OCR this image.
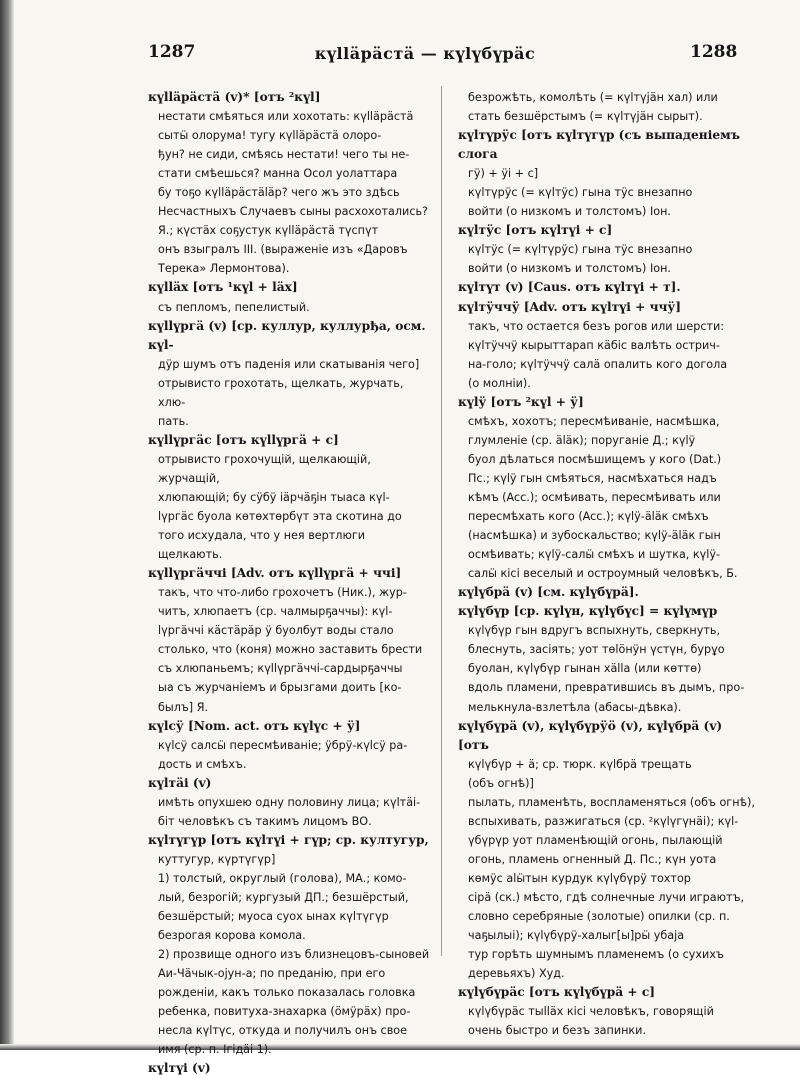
1287	күllӓрӓстӓ — күlүбүрӓс	1288
күllӓрӓстӓ (v)* [отъ ²күl]
нестати смѣяться или хохотать: күllӓрӓстӓ
сытӹ олорума! тугу күllӓрӓстӓ олоро-
ђун? не сиди, смѣясь нестати! чего ты не-
стати смѣешься? манна Осол уолаттара
бу тоҕо күllӓрӓстӓlӓр? чего жъ это здѣсь
Несчастныхъ Случаевъ сыны расхохотались?
Я.; күстӓх соҕустук күllӓрӓстӓ түспүт
онъ взыгралъ III. (выраженіе изъ «Даровъ
Терека» Лермонтова).
күllӓх [отъ ¹күl + lӓх]
съ пепломъ, пепелистый.
күllүргӓ (v) [ср. куллур, куллурђа, осм. күl-
дӱр шумъ отъ паденія или скатыванія чего]
отрывисто грохотать, щелкать, журчать, хлю-
пать.
күllүргӓс [отъ күllүргӓ + с]
отрывисто грохочущій, щелкающій, журчащій,
хлюпающій; бу сӱбӱ іӓрчӓҕін тыаса күl-
lүргӓс буола көтөхтөрбүт эта скотина до
того исхудала, что у нея вертлюги щелкають.
күllүргӓччі [Adv. отъ күllүргӓ + ччі]
такъ, что что-либо грохочетъ (Ник.), жур-
читъ, хлюпаетъ (ср. чалмырҕаччы): күl-
lүргӓччі кӓстӓрӓр ӱ буолбут воды стало
столько, что (коня) можно заставить брести
съ хлюпаньемъ; күllүргӓччі-сардырҕаччы
ыа съ журчаніемъ и брызгами доить [ко-
былъ] Я.
күlсӱ [Nom. act. отъ күlүс + ӱ]
күlсӱ салсӹ пересмѣиваніе; ӱбрӱ-күlсӱ ра-
дость и смѣхъ.
күlтӓі (v)
имѣть опухшею одну половину лица; күlтӓі-
біт человѣкъ съ такимъ лицомъ ВО.
күlтүгүр [отъ күlтүі + гүр; ср. култугур,
куттугур, күртүгүр]
1) толстый, округлый (голова), МА.; комо-
лый, безрогій; кургузый ДП.; безшёрстый,
безшёрстый; муоса суох ынах күlтүгүр
безрогая корова комола.
2) прозвище одного изъ близнецовъ-сыновей
Аи-Чӓчык-оjун-а; по преданію, при его
рожденіи, какъ только показалась головка
ребенка, повитуха-знахарка (ӧмӱрӓх) про-
несла күlтүс, откуда и получилъ онъ свое
имя (ср. п. Ігідӓі 1).
күlтүі (v)
безрожѣть, комолѣть (= күlтүjӓн хал) или
стать безшёрстымъ (= күlтүjӓн сырыт).
күlтүрӱс [отъ күlтүгүр (съ выпаденіемъ слога
гӱ) + ӱі + с]
күlтүрӱс (= күlтӱс) гына тӱс внезапно
войти (о низкомъ и толстомъ) Іон.
күlтӱс [отъ күlтүі + с]
күlтӱс (= күlтүрӱс) гына тӱс внезапно
войти (о низкомъ и толстомъ) Іон.
күlтүт (v) [Caus. отъ күlтүі + т].
күlтӱччӱ [Adv. отъ күlтүі + ччӱ]
такъ, что остается безъ рогов или шерсти:
күlтӱччӱ кырыттарап кӓбіс валѣть острич-
на-голо; күlтӱччӱ салӓ опалить кого догола
(о молніи).
күlӱ [отъ ²күl + ӱ]
смѣхъ, хохотъ; пересмѣиваніе, насмѣшка,
глумленіе (ср. ӓlӓк); поруганіе Д.; күlӱ
буол дѣлаться посмѣшищемъ у кого (Dat.)
Пс.; күlӱ гын смѣяться, насмѣхаться надъ
кѣмъ (Acc.); осмѣивать, пересмѣивать или
пересмѣхать кого (Acc.); күlӱ-ӓlӓк смѣхъ
(насмѣшка) и зубоскальство; күlӱ-ӓlӓк гын
осмѣивать; күlӱ-салӹ смѣхъ и шутка, күlӱ-
салӹ кісі веселый и остроумный человѣкъ, Б.
күlүбрӓ (v) [см. күlүбүрӓ].
күlүбүр [ср. күlүн, күlүбүс] = күlүмүр
күlүбүр гын вдругъ вспыхнуть, сверкнуть,
блеснуть, засіять; уот төlӧнӱн үстүн, бурұо
буолан, күlүбүр гынан хӓllа (или көттө)
вдоль пламени, превратившись въ дымъ, про-
мелькнула-взлетѣла (абасы-дѣвка).
күlүбүрӓ (v), күlүбүрӱӧ (v), күlүбрӓ (v) [отъ
күlүбүр + ӓ; ср. тюрк. күlбрӓ трещать
(объ огнѣ)]
пылать, пламенѣть, воспламеняться (объ огнѣ),
вспыхивать, разжигаться (ср. ²күlүгүнӓі); күl-
үбүрүр уот пламенѣющій огонь, пылающій
огонь, пламень огненный Д. Пс.; күн уота
көмӱс аlӹтын курдук күlүбүрӱ тохтор
сірӓ (ск.) мѣсто, гдѣ солнечные лучи играютъ,
словно серебряные (золотые) опилки (ср. п.
чаҕылыі); күlүбүрӱ-халыг[ы]рӹ убаја
тур горѣть шумнымъ пламенемъ (о сухихъ
деревьяхъ) Худ.
күlүбүрӓс [отъ күlүбүрӓ + с]
күlүбүрӓс тыllӓх кісі человѣкъ, говорящій
очень быстро и безъ запинки.
